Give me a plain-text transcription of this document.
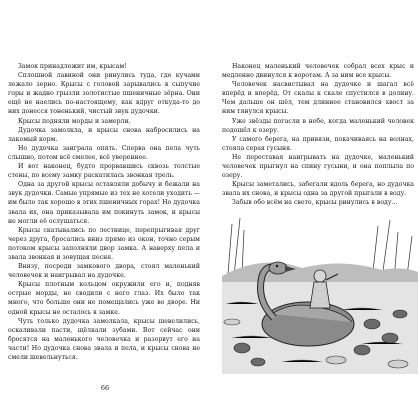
Замок принадлежит им, крысам!

Сплошной лавиной они ринулись туда, где кучами лежало зерно. Крысы с головой зарывались в сыпучие горы и жадно грызли золотистые пшеничные зёрна. Они ещё не наелись по-настоящему, как вдруг откуда-то до них донесся тоненький, чистый звук дудочки.

Крысы подняли морды и замерли.

Дудочка замолкла, и крысы снова набросились на лакомый корм.

Но дудочка заиграла опять. Сперва она пела чуть слышно, потом всё смелее, всё увереннее.

И вот наконец, будто прорвавшись сквозь толстые стены, по всему замку раскатилась звонкая трель.

Одна за другой крысы оставляли добычу и бежали на звук дудочки. Самые упрямые из тех не хотели уходить — им было так хорошо в этих пшеничных горах! Но дудочка звала их, она приказывала им покинуть замок, и крысы не могли её ослушаться.

Крысы скатывались по лестнице, перепрыгивая друг через друга, бросались вниз прямо из окон, точно серым потоком крысы заполняли двор замка. А наверху пела и звала звонкая и зовущая песня.

Внизу, посреди замкового двора, стоял маленький человечек и наигрывал на дудочке.

Крысы плотным кольцом окружили его и, подняв острые морды, не сводили с него глаз. Их было так много, что больше они не помещались уже во дворе. Ни одной крысы не осталось в замке.

Чуть только дудочка замолкала, крысы шевелились, оскаливали пасти, щёлкали зубами. Вот сейчас они бросятся на маленького человечка и разорвут его на части! Но дудочка снова звала и пела, и крысы снова не смели шевельнуться.

66

Наконец маленький человечек собрал всех крыс и медленно двинулся к воротам. А за ним все крысы.

Человечек насвистывал на дудочке и шагал всё вперёд и вперёд. От скалы к скале спустился в долину. Чем дальше он шёл, тем длиннее становился хвост за ним тянулся крысы.

Уже звёзды погасли в небе, когда маленький человек подошёл к озеру.

У самого берега, на привязи, покачиваясь на волнах, стояла серая гусыня.

Не переставая наигрывать на дудочке, маленький человечек прыгнул на спину гусыни, и она поплыла по озеру.

Крысы заметались, забегали вдоль берега, но дудочка звала их снова, и крысы одна за другой прыгали в воду.

Забыв обо всём на свете, крысы ринулись в воду...
